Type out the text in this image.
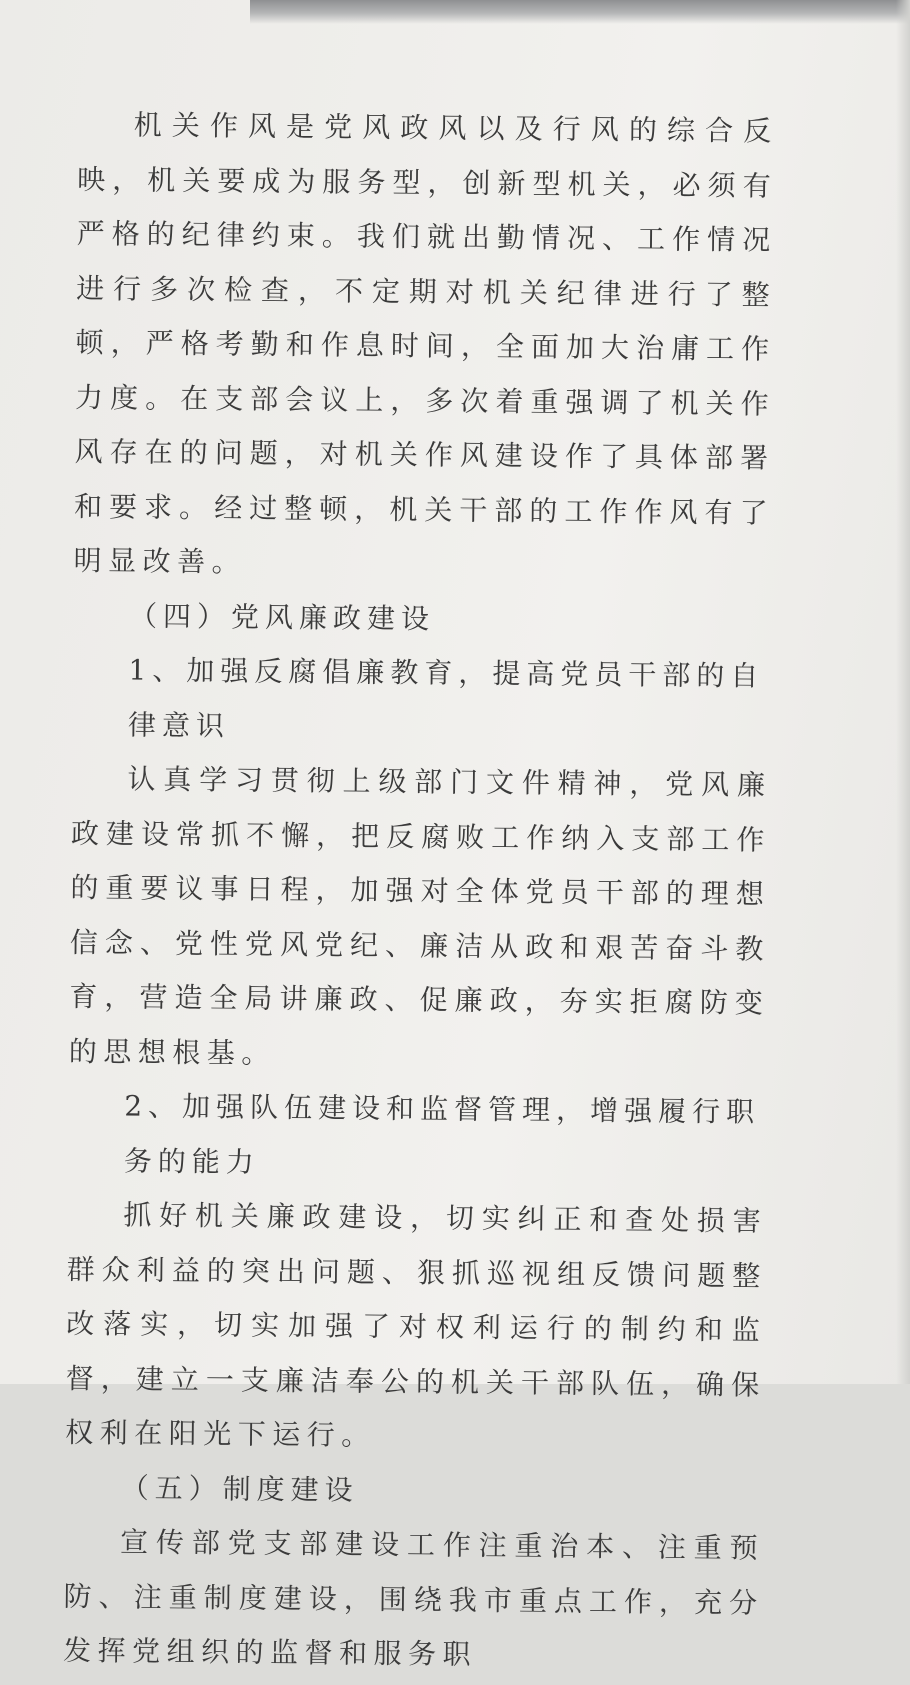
机关作风是党风政风以及行风的综合反映，机关要成为服务型，创新型机关，必须有严格的纪律约束。我们就出勤情况、工作情况进行多次检查，不定期对机关纪律进行了整顿，严格考勤和作息时间，全面加大治庸工作力度。在支部会议上，多次着重强调了机关作风存在的问题，对机关作风建设作了具体部署和要求。经过整顿，机关干部的工作作风有了明显改善。

（四）党风廉政建设

1、加强反腐倡廉教育，提高党员干部的自律意识

认真学习贯彻上级部门文件精神，党风廉政建设常抓不懈，把反腐败工作纳入支部工作的重要议事日程，加强对全体党员干部的理想信念、党性党风党纪、廉洁从政和艰苦奋斗教育，营造全局讲廉政、促廉政，夯实拒腐防变的思想根基。

2、加强队伍建设和监督管理，增强履行职务的能力

抓好机关廉政建设，切实纠正和查处损害群众利益的突出问题、狠抓巡视组反馈问题整改落实，切实加强了对权利运行的制约和监督，建立一支廉洁奉公的机关干部队伍，确保权利在阳光下运行。

（五）制度建设

宣传部党支部建设工作注重治本、注重预防、注重制度建设，围绕我市重点工作，充分发挥党组织的监督和服务职
